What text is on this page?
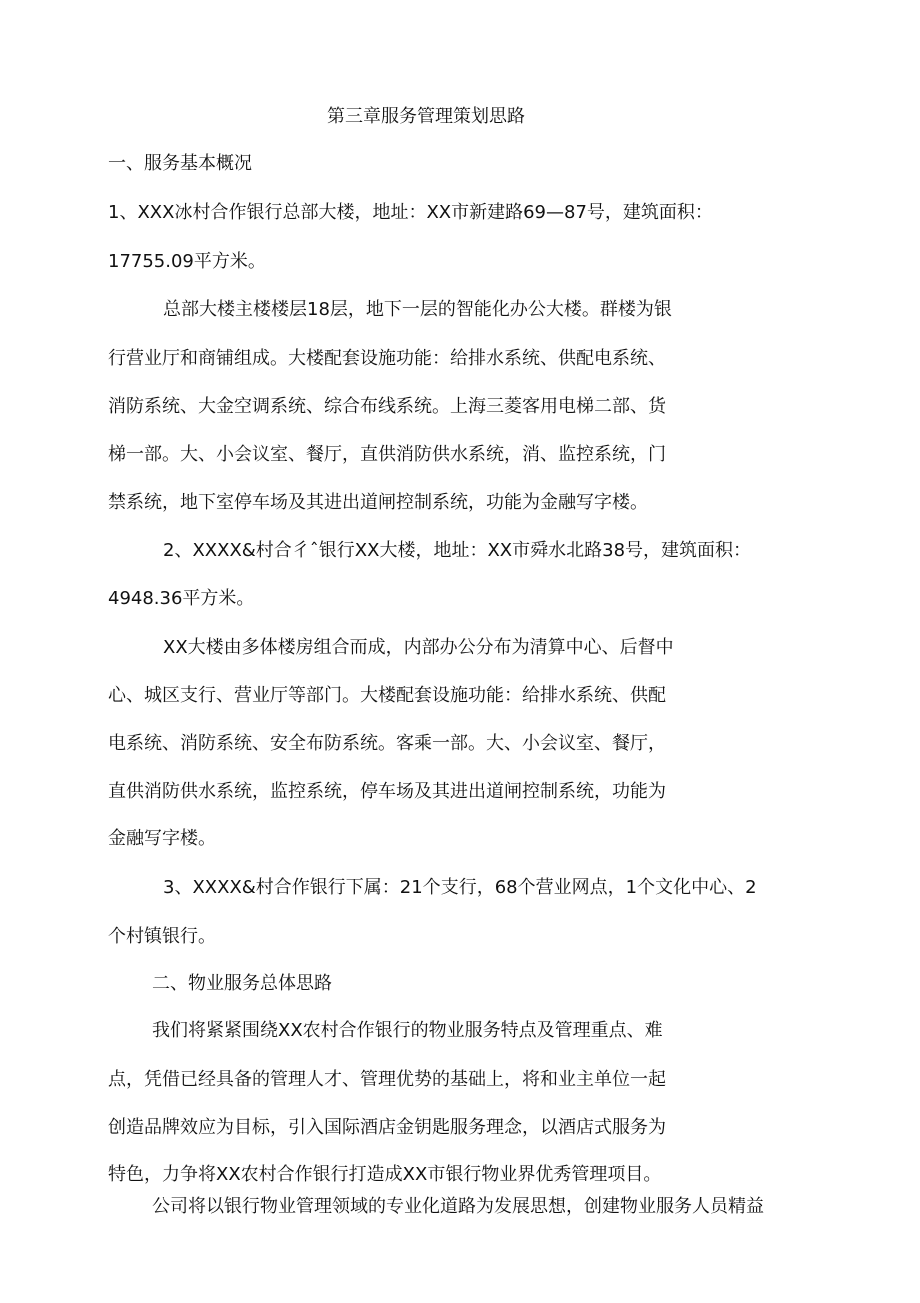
第三章服务管理策划思路
一、服务基本概况
1、XXX冰村合作银行总部大楼，地址：XX市新建路69—87号，建筑面积：
17755.09平方米。
总部大楼主楼楼层18层，地下一层的智能化办公大楼。群楼为银
行营业厅和商铺组成。大楼配套设施功能：给排水系统、供配电系统、
消防系统、大金空调系统、综合布线系统。上海三菱客用电梯二部、货
梯一部。大、小会议室、餐厅，直供消防供水系统，消、监控系统，门
禁系统，地下室停车场及其进出道闸控制系统，功能为金融写字楼。
2、XXXX&村合彳ˆ银行XX大楼，地址：XX市舜水北路38号，建筑面积：
4948.36平方米。
XX大楼由多体楼房组合而成，内部办公分布为清算中心、后督中
心、城区支行、营业厅等部门。大楼配套设施功能：给排水系统、供配
电系统、消防系统、安全布防系统。客乘一部。大、小会议室、餐厅，
直供消防供水系统，监控系统，停车场及其进出道闸控制系统，功能为
金融写字楼。
3、XXXX&村合作银行下属：21个支行，68个营业网点，1个文化中心、2
个村镇银行。
二、物业服务总体思路
我们将紧紧围绕XX农村合作银行的物业服务特点及管理重点、难
点，凭借已经具备的管理人才、管理优势的基础上，将和业主单位一起
创造品牌效应为目标，引入国际酒店金钥匙服务理念，以酒店式服务为
特色，力争将XX农村合作银行打造成XX市银行物业界优秀管理项目。
公司将以银行物业管理领域的专业化道路为发展思想，创建物业服务人员精益
